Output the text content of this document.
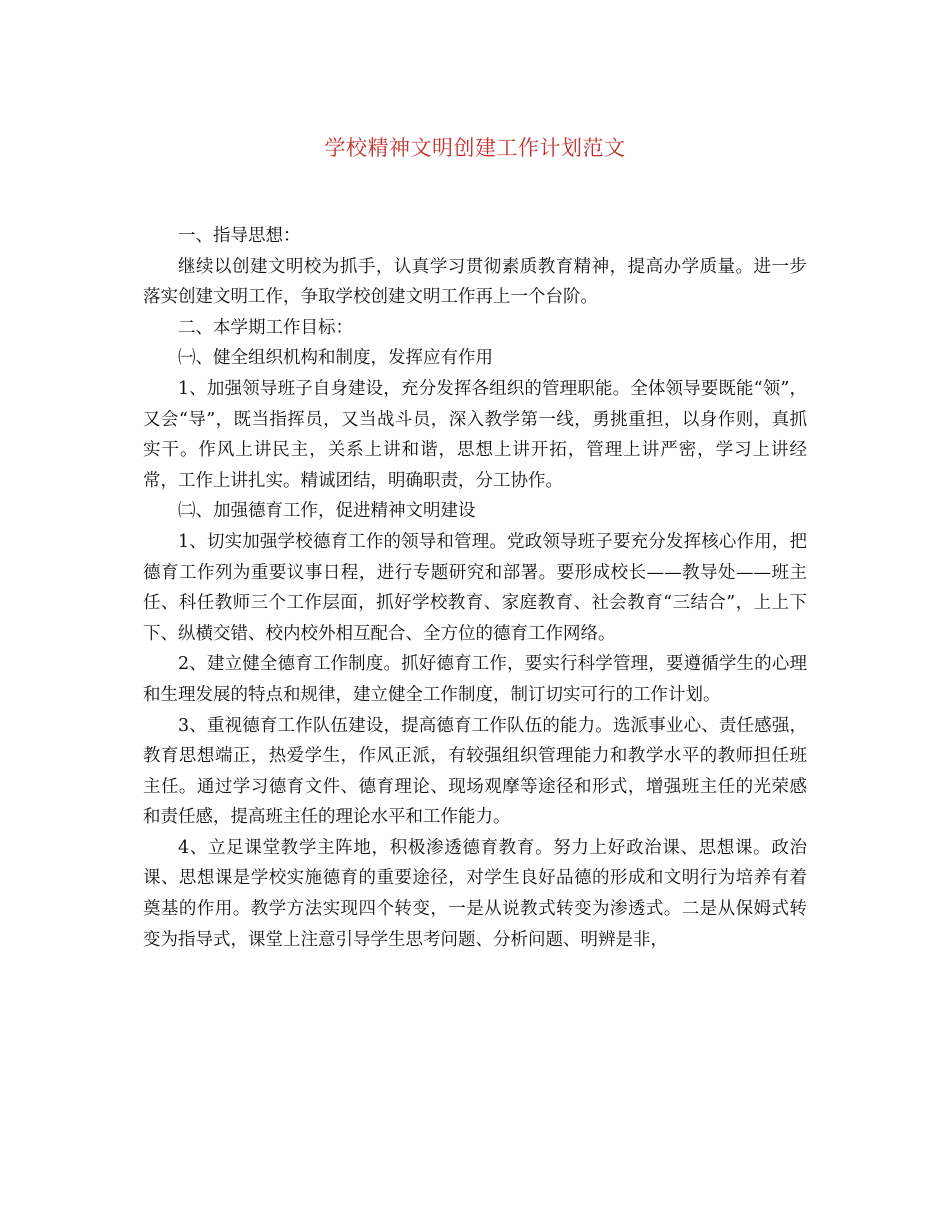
学校精神文明创建工作计划范文

一、指导思想：

继续以创建文明校为抓手，认真学习贯彻素质教育精神，提高办学质量。进一步落实创建文明工作，争取学校创建文明工作再上一个台阶。

二、本学期工作目标：

㈠、健全组织机构和制度，发挥应有作用

1、加强领导班子自身建设，充分发挥各组织的管理职能。全体领导要既能“领”，又会“导”，既当指挥员，又当战斗员，深入教学第一线，勇挑重担，以身作则，真抓实干。作风上讲民主，关系上讲和谐，思想上讲开拓，管理上讲严密，学习上讲经常，工作上讲扎实。精诚团结，明确职责，分工协作。

㈡、加强德育工作，促进精神文明建设

1、切实加强学校德育工作的领导和管理。党政领导班子要充分发挥核心作用，把德育工作列为重要议事日程，进行专题研究和部署。要形成校长——教导处——班主任、科任教师三个工作层面，抓好学校教育、家庭教育、社会教育“三结合”，上上下下、纵横交错、校内校外相互配合、全方位的德育工作网络。

2、建立健全德育工作制度。抓好德育工作，要实行科学管理，要遵循学生的心理和生理发展的特点和规律，建立健全工作制度，制订切实可行的工作计划。

3、重视德育工作队伍建设，提高德育工作队伍的能力。选派事业心、责任感强，教育思想端正，热爱学生，作风正派，有较强组织管理能力和教学水平的教师担任班主任。通过学习德育文件、德育理论、现场观摩等途径和形式，增强班主任的光荣感和责任感，提高班主任的理论水平和工作能力。

4、立足课堂教学主阵地，积极渗透德育教育。努力上好政治课、思想课。政治课、思想课是学校实施德育的重要途径，对学生良好品德的形成和文明行为培养有着奠基的作用。教学方法实现四个转变，一是从说教式转变为渗透式。二是从保姆式转变为指导式，课堂上注意引导学生思考问题、分析问题、明辨是非，
